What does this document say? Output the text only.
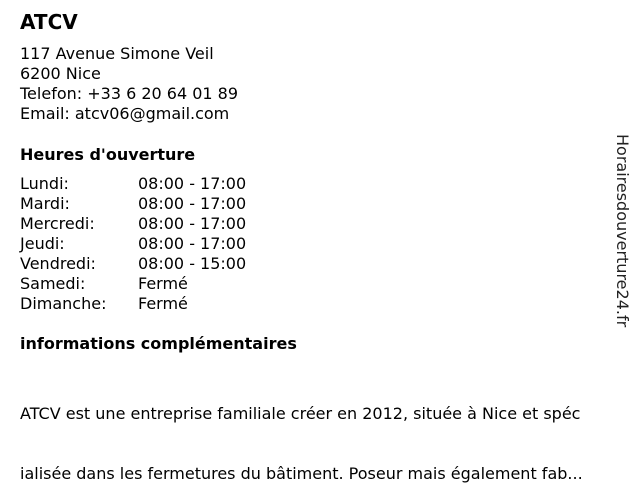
ATCV
117 Avenue Simone Veil
6200 Nice
Telefon: +33 6 20 64 01 89
Email: atcv06@gmail.com
Heures d'ouverture
Lundi:	08:00 - 17:00
Mardi:	08:00 - 17:00
Mercredi:	08:00 - 17:00
Jeudi:	08:00 - 17:00
Vendredi:	08:00 - 15:00
Samedi:	Fermé
Dimanche:	Fermé
informations complémentaires

ATCV est une entreprise familiale créer en 2012, située à Nice et spéc

ialisée dans les fermetures du bâtiment. Poseur mais également fab...

Horairesdouverture24.fr
